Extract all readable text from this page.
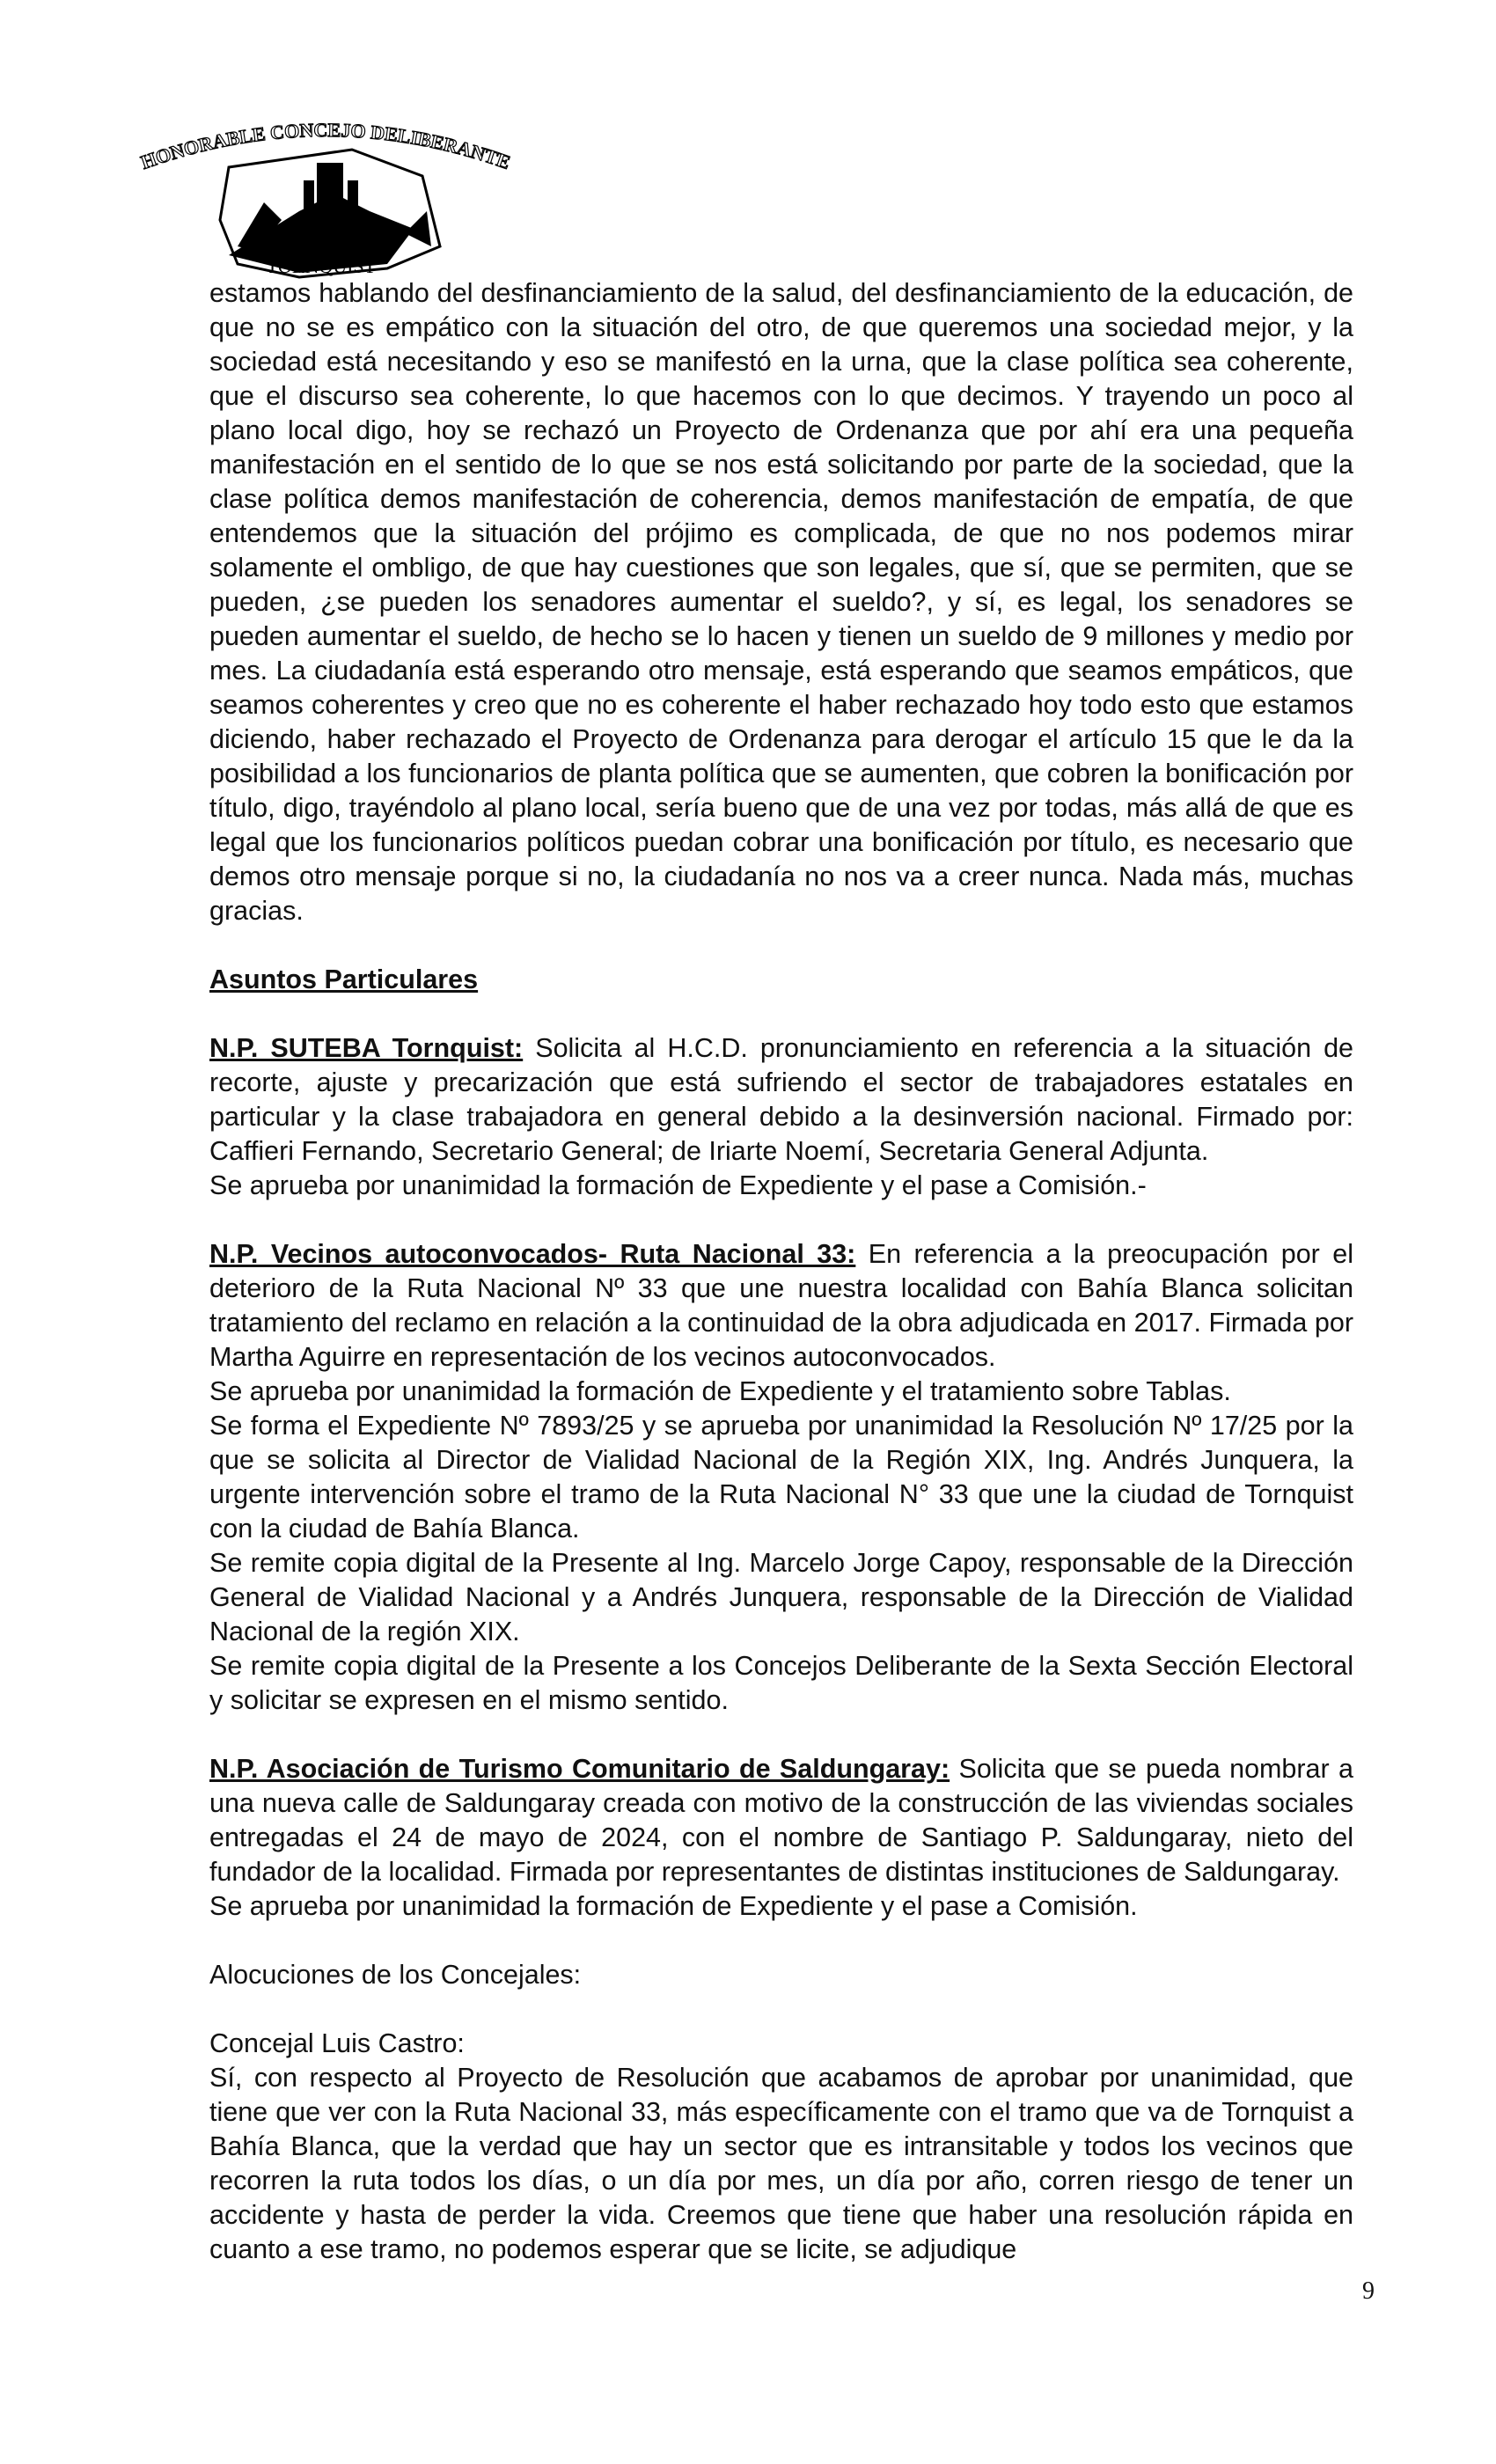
HONORABLE CONCEJO DELIBERANTE
TORNQUIST

estamos hablando del desfinanciamiento de la salud, del desfinanciamiento de la educación, de que no se es empático con la situación del otro, de que queremos una sociedad mejor, y la sociedad está necesitando y eso se manifestó en la urna, que la clase política sea coherente, que el discurso sea coherente, lo que hacemos con lo que decimos. Y trayendo un poco al plano local digo, hoy se rechazó un Proyecto de Ordenanza que por ahí era una pequeña manifestación en el sentido de lo que se nos está solicitando por parte de la sociedad, que la clase política demos manifestación de coherencia, demos manifestación de empatía, de que entendemos que la situación del prójimo es complicada, de que no nos podemos mirar solamente el ombligo, de que hay cuestiones que son legales, que sí, que se permiten, que se pueden, ¿se pueden los senadores aumentar el sueldo?, y sí, es legal, los senadores se pueden aumentar el sueldo, de hecho se lo hacen y tienen un sueldo de 9 millones y medio por mes. La ciudadanía está esperando otro mensaje, está esperando que seamos empáticos, que seamos coherentes y creo que no es coherente el haber rechazado hoy todo esto que estamos diciendo, haber rechazado el Proyecto de Ordenanza para derogar el artículo 15 que le da la posibilidad a los funcionarios de planta política que se aumenten, que cobren la bonificación por título, digo, trayéndolo al plano local, sería bueno que de una vez por todas, más allá de que es legal que los funcionarios políticos puedan cobrar una bonificación por título, es necesario que demos otro mensaje porque si no, la ciudadanía no nos va a creer nunca. Nada más, muchas gracias.

Asuntos Particulares

N.P. SUTEBA Tornquist: Solicita al H.C.D. pronunciamiento en referencia a la situación de recorte, ajuste y precarización que está sufriendo el sector de trabajadores estatales en particular y la clase trabajadora en general debido a la desinversión nacional. Firmado por: Caffieri Fernando, Secretario General; de Iriarte Noemí, Secretaria General Adjunta.

Se aprueba por unanimidad la formación de Expediente y el pase a Comisión.-

N.P. Vecinos autoconvocados- Ruta Nacional 33: En referencia a la preocupación por el deterioro de la Ruta Nacional Nº 33 que une nuestra localidad con Bahía Blanca solicitan tratamiento del reclamo en relación a la continuidad de la obra adjudicada en 2017. Firmada por Martha Aguirre en representación de los vecinos autoconvocados.

Se aprueba por unanimidad la formación de Expediente y el tratamiento sobre Tablas.

Se forma el Expediente Nº 7893/25 y se aprueba por unanimidad la Resolución Nº 17/25 por la que se solicita al Director de Vialidad Nacional de la Región XIX, Ing. Andrés Junquera, la urgente intervención sobre el tramo de la Ruta Nacional N° 33 que une la ciudad de Tornquist con la ciudad de Bahía Blanca.

Se remite copia digital de la Presente al Ing. Marcelo Jorge Capoy, responsable de la Dirección General de Vialidad Nacional y a Andrés Junquera, responsable de la Dirección de Vialidad Nacional de la región XIX.

Se remite copia digital de la Presente a los Concejos Deliberante de la Sexta Sección Electoral y solicitar se expresen en el mismo sentido.

N.P. Asociación de Turismo Comunitario de Saldungaray: Solicita que se pueda nombrar a una nueva calle de Saldungaray creada con motivo de la construcción de las viviendas sociales entregadas el 24 de mayo de 2024, con el nombre de Santiago P. Saldungaray, nieto del fundador de la localidad. Firmada por representantes de distintas instituciones de Saldungaray.

Se aprueba por unanimidad la formación de Expediente y el pase a Comisión.

Alocuciones de los Concejales:

Concejal Luis Castro:

Sí, con respecto al Proyecto de Resolución que acabamos de aprobar por unanimidad, que tiene que ver con la Ruta Nacional 33, más específicamente con el tramo que va de Tornquist a Bahía Blanca, que la verdad que hay un sector que es intransitable y todos los vecinos que recorren la ruta todos los días, o un día por mes, un día por año, corren riesgo de tener un accidente y hasta de perder la vida. Creemos que tiene que haber una resolución rápida en cuanto a ese tramo, no podemos esperar que se licite, se adjudique

9
